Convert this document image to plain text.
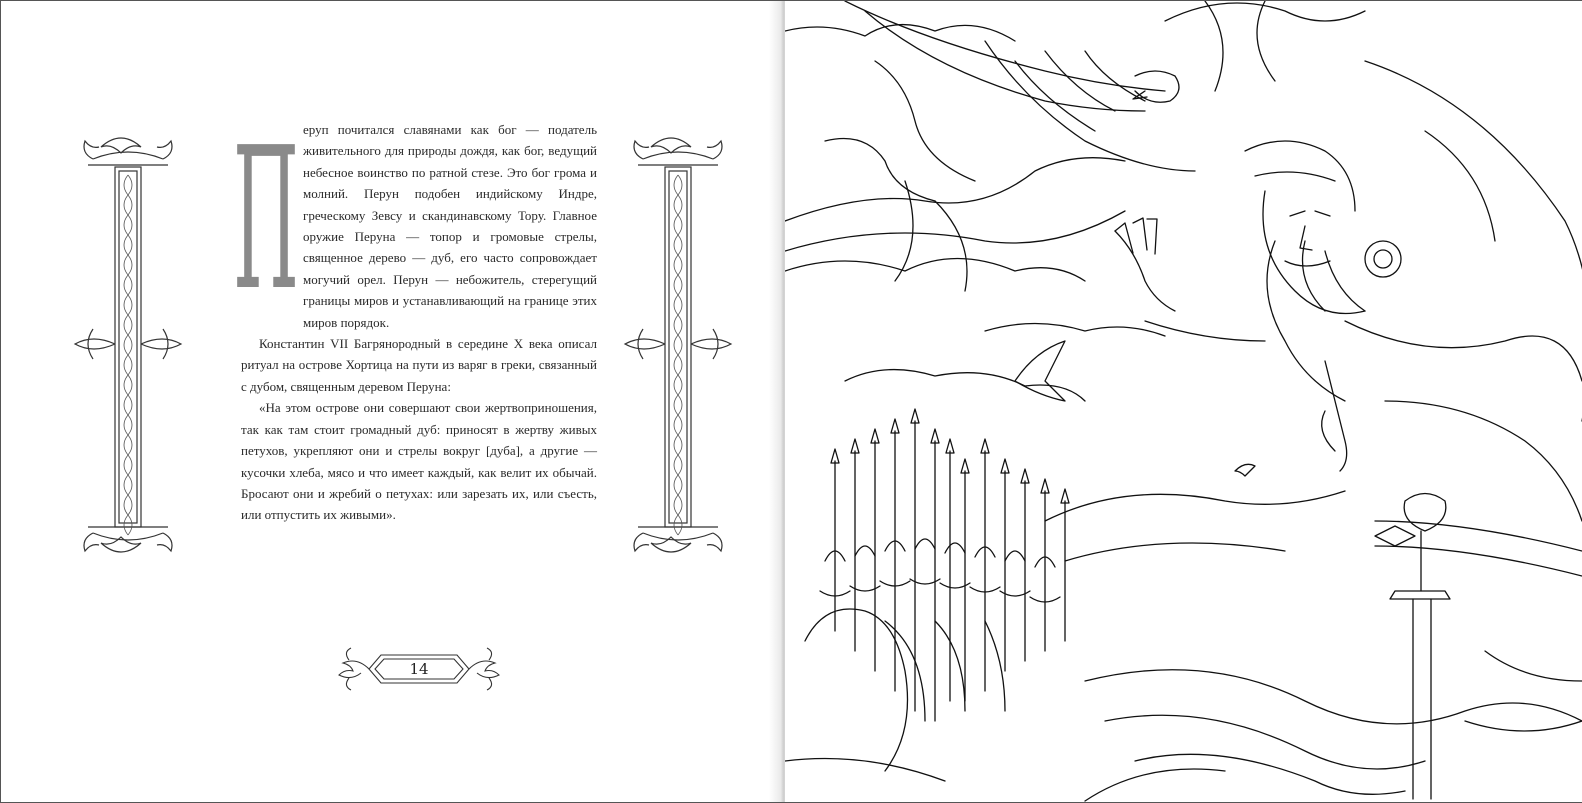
П еруп почитался славянами как бог — податель живительного для природы дождя, как бог, ведущий небесное воинство по ратной стезе. Это бог грома и молний. Перун подобен индийскому Индре, греческому Зевсу и скандинавскому Тору. Главное оружие Перуна — топор и громовые стрелы, священное дерево — дуб, его часто сопровождает могучий орел. Перун — небожитель, стерегущий границы миров и устанавливающий на границе этих миров порядок.

Константин VII Багрянородный в середине X века описал ритуал на острове Хортица на пути из варяг в греки, связанный с дубом, священным деревом Перуна:

«На этом острове они совершают свои жертвоприношения, так как там стоит громадный дуб: приносят в жертву живых петухов, укрепляют они и стрелы вокруг [дуба], а другие — кусочки хлеба, мясо и что имеет каждый, как велит их обычай. Бросают они и жребий о петухах: или зарезать их, или съесть, или отпустить их живыми».

14
